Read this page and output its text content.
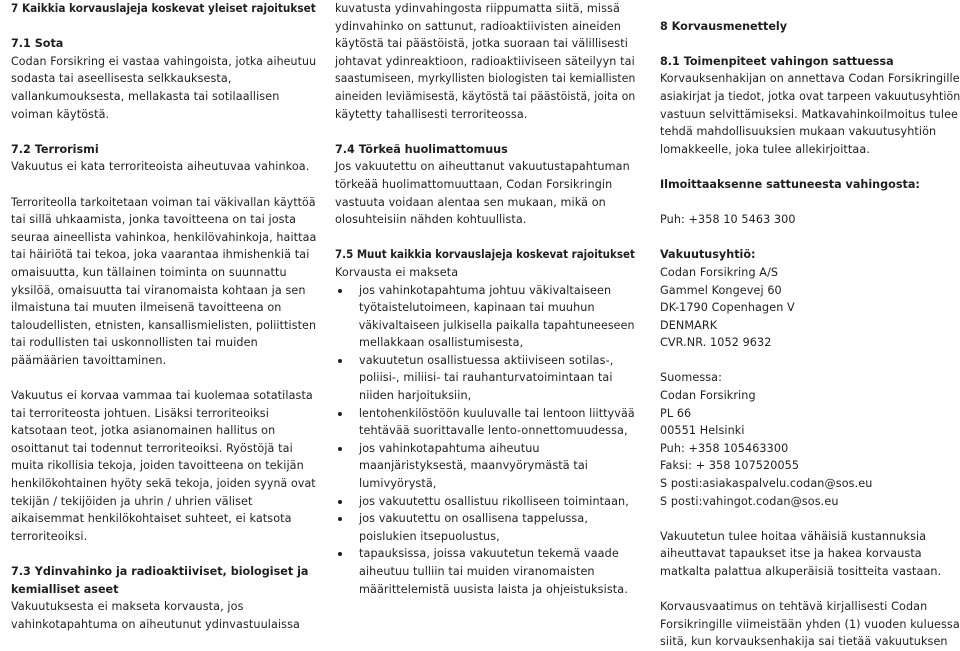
7 Kaikkia korvauslajeja koskevat yleiset rajoitukset
7.1 Sota
Codan Forsikring ei vastaa vahingoista, jotka aiheutuu
sodasta tai aseellisesta selkkauksesta,
vallankumouksesta, mellakasta tai sotilaallisen
voiman käytöstä.
7.2 Terrorismi
Vakuutus ei kata terroriteoista aiheutuvaa vahinkoa.
Terroriteolla tarkoitetaan voiman tai väkivallan käyttöä
tai sillä uhkaamista, jonka tavoitteena on tai josta
seuraa aineellista vahinkoa, henkilövahinkoja, haittaa
tai häiriötä tai tekoa, joka vaarantaa ihmishenkiä tai
omaisuutta, kun tällainen toiminta on suunnattu
yksilöä, omaisuutta tai viranomaista kohtaan ja sen
ilmaistuna tai muuten ilmeisenä tavoitteena on
taloudellisten, etnisten, kansallismielisten, poliittisten
tai rodullisten tai uskonnollisten tai muiden
päämäärien tavoittaminen.
Vakuutus ei korvaa vammaa tai kuolemaa sotatilasta
tai terroriteosta johtuen. Lisäksi terroriteoiksi
katsotaan teot, jotka asianomainen hallitus on
osoittanut tai todennut terroriteoiksi. Ryöstöjä tai
muita rikollisia tekoja, joiden tavoitteena on tekijän
henkilökohtainen hyöty sekä tekoja, joiden syynä ovat
tekijän / tekijöiden ja uhrin / uhrien väliset
aikaisemmat henkilökohtaiset suhteet, ei katsota
terroriteoiksi.
7.3 Ydinvahinko ja radioaktiiviset, biologiset ja
kemialliset aseet
Vakuutuksesta ei makseta korvausta, jos
vahinkotapahtuma on aiheutunut ydinvastuulaissa
kuvatusta ydinvahingosta riippumatta siitä, missä
ydinvahinko on sattunut, radioaktiivisten aineiden
käytöstä tai päästöistä, jotka suoraan tai välillisesti
johtavat ydinreaktioon, radioaktiiviseen säteilyyn tai
saastumiseen, myrkyllisten biologisten tai kemiallisten
aineiden leviämisestä, käytöstä tai päästöistä, joita on
käytetty tahallisesti terroriteossa.
7.4 Törkeä huolimattomuus
Jos vakuutettu on aiheuttanut vakuutustapahtuman
törkeää huolimattomuuttaan, Codan Forsikringin
vastuuta voidaan alentaa sen mukaan, mikä on
olosuhteisiin nähden kohtuullista.
7.5 Muut kaikkia korvauslajeja koskevat rajoitukset
Korvausta ei makseta
jos vahinkotapahtuma johtuu väkivaltaiseen
työtaistelutoimeen, kapinaan tai muuhun
väkivaltaiseen julkisella paikalla tapahtuneeseen
mellakkaan osallistumisesta,
vakuutetun osallistuessa aktiiviseen sotilas-,
poliisi-, miliisi- tai rauhanturvatoimintaan tai
niiden harjoituksiin,
lentohenkilöstöön kuuluvalle tai lentoon liittyvää
tehtävää suorittavalle lento-onnettomuudessa,
jos vahinkotapahtuma aiheutuu
maanjäristyksestä, maanvyörymästä tai
lumivyörystä,
jos vakuutettu osallistuu rikolliseen toimintaan,
jos vakuutettu on osallisena tappelussa,
poislukien itsepuolustus,
tapauksissa, joissa vakuutetun tekemä vaade
aiheutuu tulliin tai muiden viranomaisten
määrittelemistä uusista laista ja ohjeistuksista.
8 Korvausmenettely
8.1 Toimenpiteet vahingon sattuessa
Korvauksenhakijan on annettava Codan Forsikringille
asiakirjat ja tiedot, jotka ovat tarpeen vakuutusyhtiön
vastuun selvittämiseksi. Matkavahinkoilmoitus tulee
tehdä mahdollisuuksien mukaan vakuutusyhtiön
lomakkeelle, joka tulee allekirjoittaa.
Ilmoittaaksenne sattuneesta vahingosta:
Puh: +358 10 5463 300
Vakuutusyhtiö:
Codan Forsikring A/S
Gammel Kongevej 60
DK-1790 Copenhagen V
DENMARK
CVR.NR. 1052 9632
Suomessa:
Codan Forsikring
PL 66
00551 Helsinki
Puh: +358 105463300
Faksi: + 358 107520055
S posti:asiakaspalvelu.codan@sos.eu
S posti:vahingot.codan@sos.eu
Vakuutetun tulee hoitaa vähäisiä kustannuksia
aiheuttavat tapaukset itse ja hakea korvausta
matkalta palattua alkuperäisiä tositteita vastaan.
Korvausvaatimus on tehtävä kirjallisesti Codan
Forsikringille viimeistään yhden (1) vuoden kuluessa
siitä, kun korvauksenhakija sai tietää vakuutuksen
